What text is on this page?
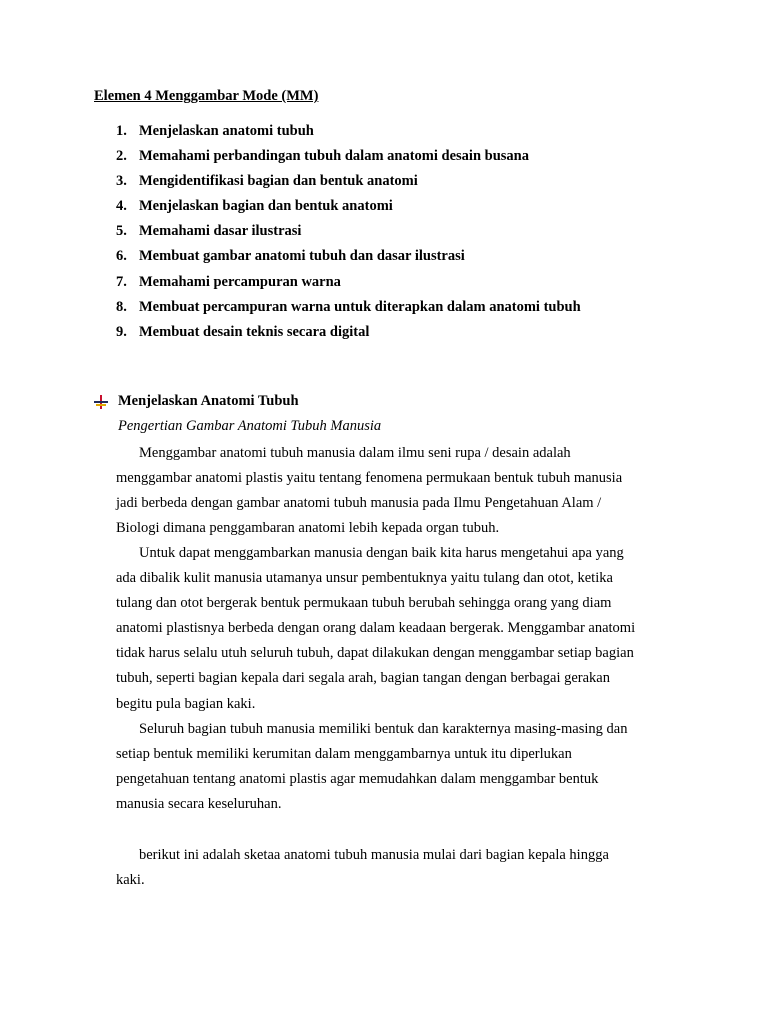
Elemen 4 Menggambar Mode (MM)
1. Menjelaskan anatomi tubuh
2. Memahami perbandingan tubuh dalam anatomi desain busana
3. Mengidentifikasi bagian dan bentuk anatomi
4. Menjelaskan bagian dan bentuk anatomi
5. Memahami dasar ilustrasi
6. Membuat gambar anatomi tubuh dan dasar ilustrasi
7. Memahami percampuran warna
8. Membuat percampuran warna untuk diterapkan dalam anatomi tubuh
9. Membuat desain teknis secara digital
Menjelaskan Anatomi Tubuh
Pengertian Gambar Anatomi Tubuh Manusia
Menggambar anatomi tubuh manusia dalam ilmu seni rupa / desain adalah
menggambar anatomi plastis yaitu tentang fenomena permukaan bentuk tubuh manusia
jadi berbeda dengan gambar anatomi tubuh manusia pada Ilmu Pengetahuan Alam /
Biologi dimana penggambaran anatomi lebih kepada organ tubuh.
Untuk dapat menggambarkan manusia dengan baik kita harus mengetahui apa yang
ada dibalik kulit manusia utamanya unsur pembentuknya yaitu tulang dan otot, ketika
tulang dan otot bergerak bentuk permukaan tubuh berubah sehingga orang yang diam
anatomi plastisnya berbeda dengan orang dalam keadaan bergerak. Menggambar anatomi
tidak harus selalu utuh seluruh tubuh, dapat dilakukan dengan menggambar setiap bagian
tubuh, seperti bagian kepala dari segala arah, bagian tangan dengan berbagai gerakan
begitu pula bagian kaki.
Seluruh bagian tubuh manusia memiliki bentuk dan karakternya masing-masing dan
setiap bentuk memiliki kerumitan dalam menggambarnya untuk itu diperlukan
pengetahuan tentang anatomi plastis agar memudahkan dalam menggambar bentuk
manusia secara keseluruhan.
berikut ini adalah sketaa anatomi tubuh manusia mulai dari bagian kepala hingga
kaki.
